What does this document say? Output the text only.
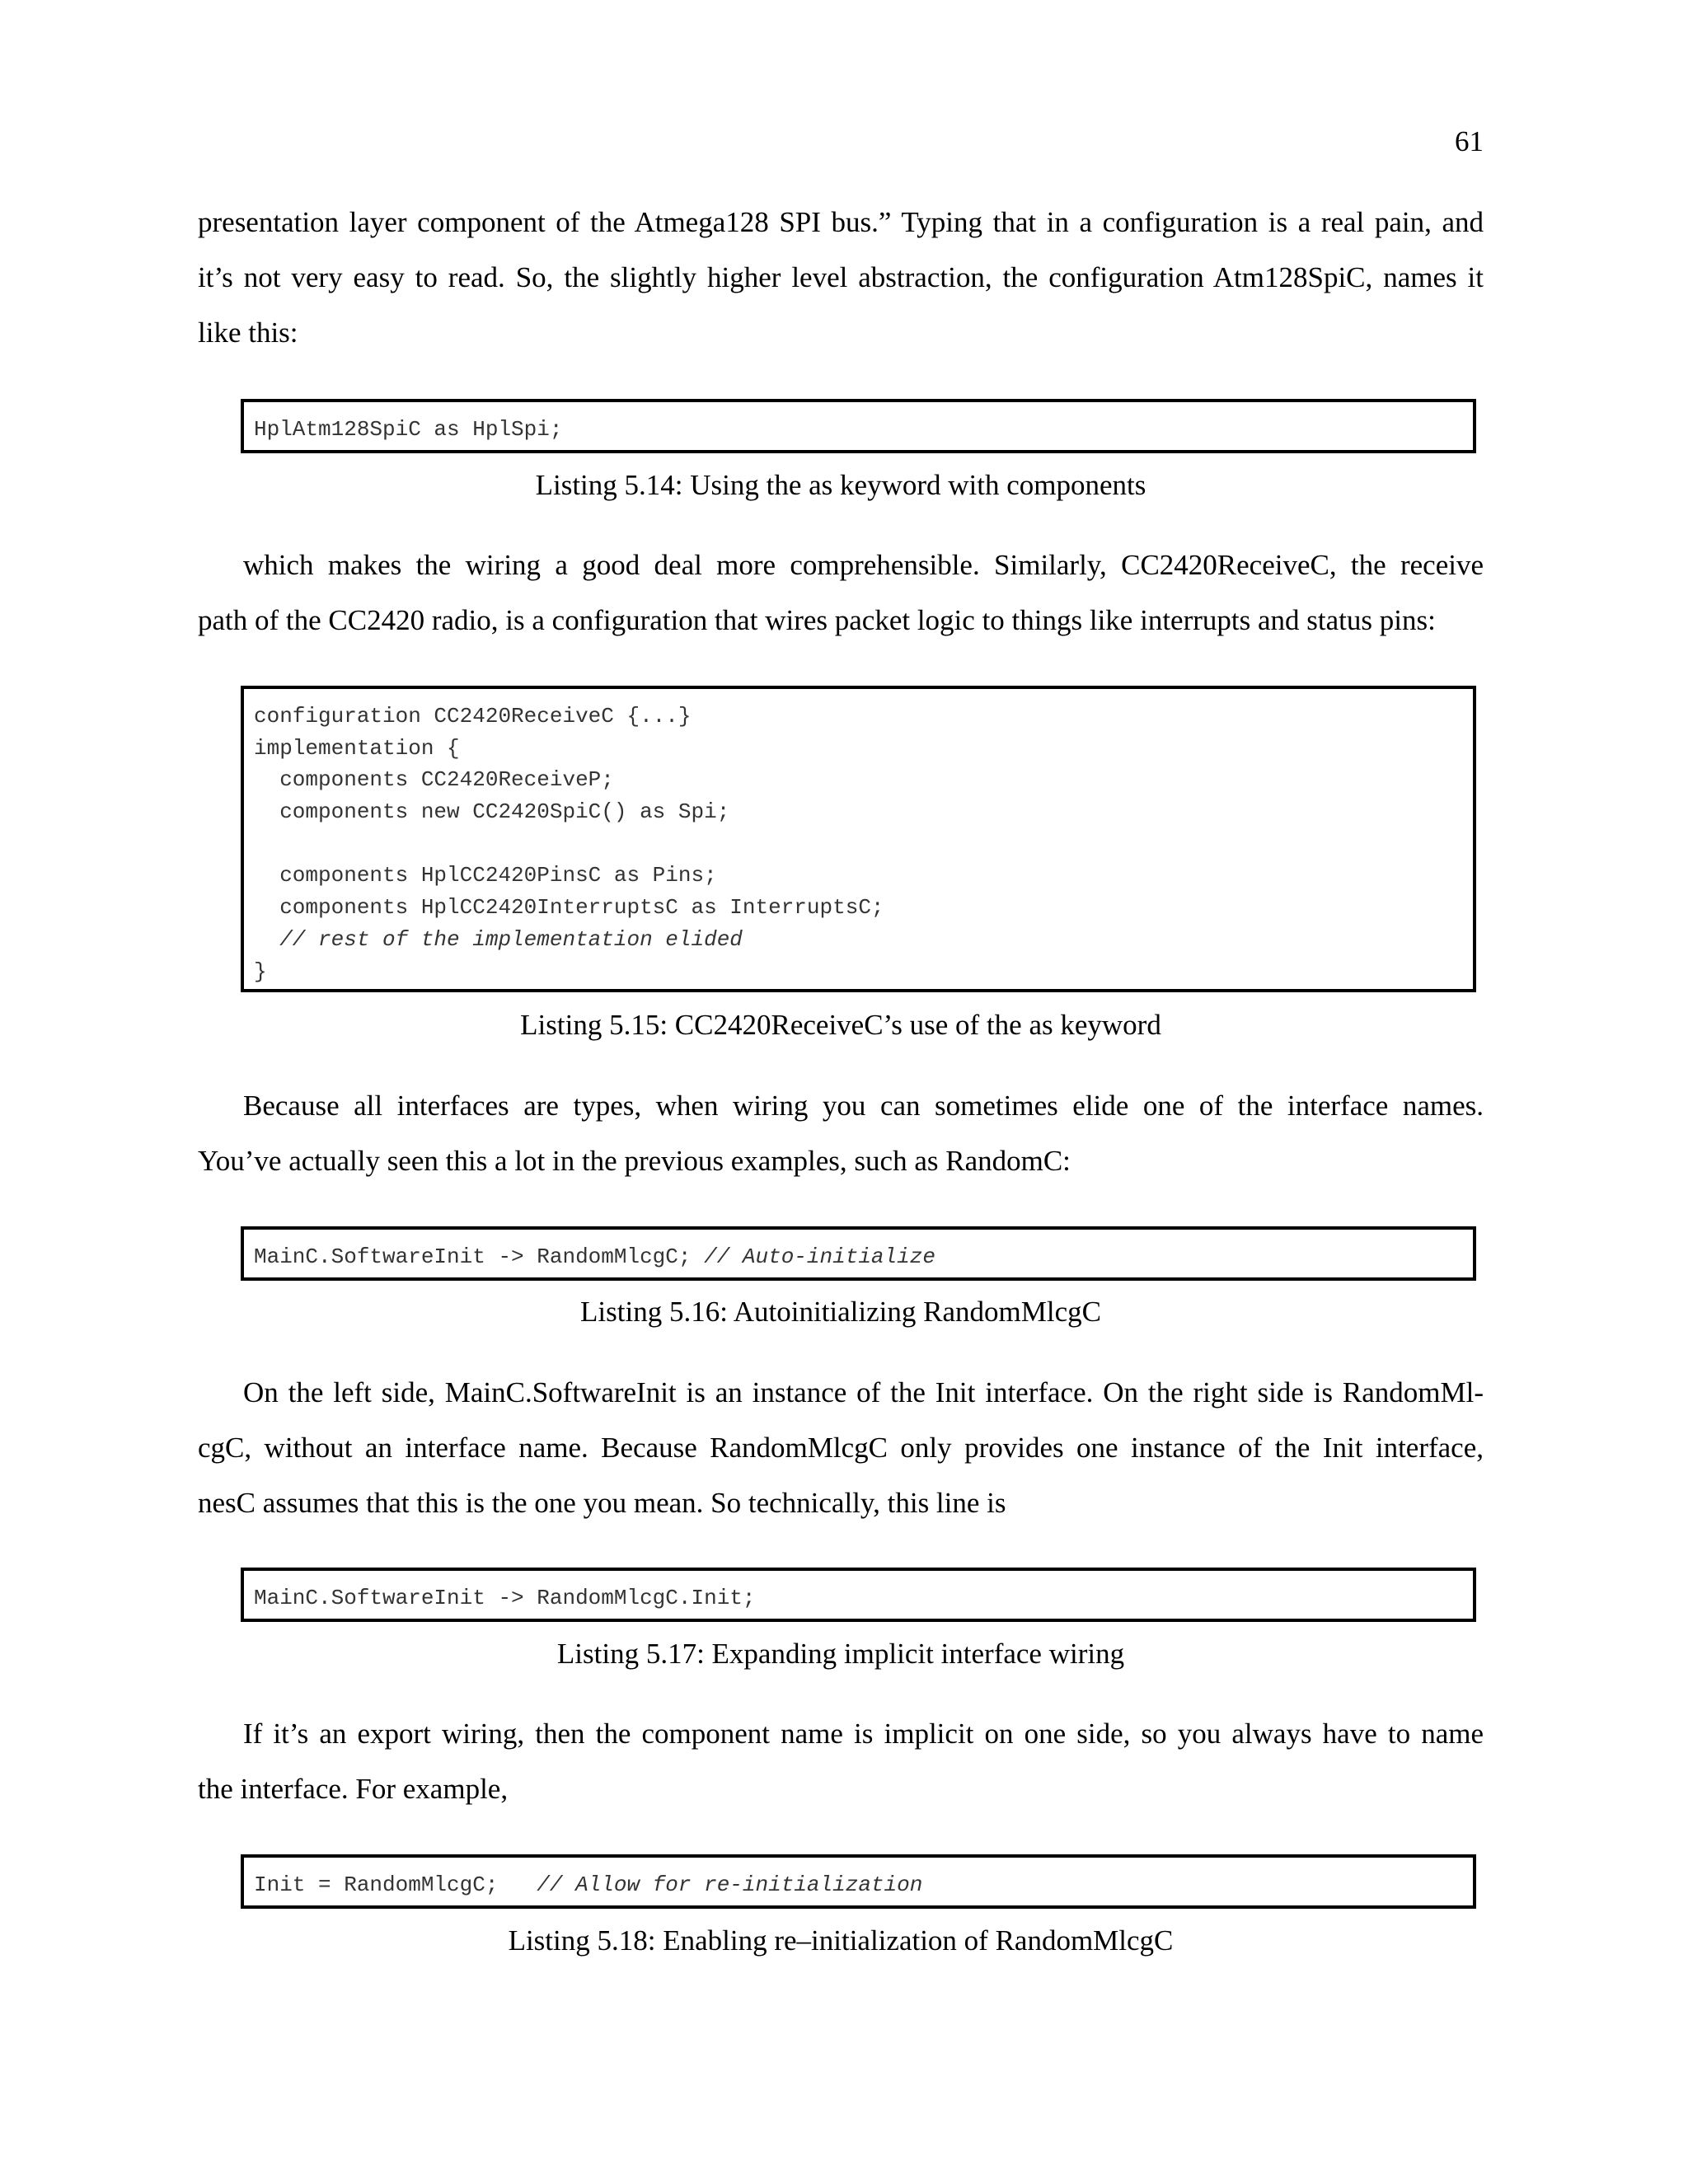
61
presentation layer component of the Atmega128 SPI bus.” Typing that in a configuration is a real pain, and
it’s not very easy to read. So, the slightly higher level abstraction, the configuration Atm128SpiC, names it
like this:
HplAtm128SpiC as HplSpi;
Listing 5.14: Using the as keyword with components
which makes the wiring a good deal more comprehensible. Similarly, CC2420ReceiveC, the receive
path of the CC2420 radio, is a configuration that wires packet logic to things like interrupts and status pins:
configuration CC2420ReceiveC {...}
implementation {
components CC2420ReceiveP;
components new CC2420SpiC() as Spi;
components HplCC2420PinsC as Pins;
components HplCC2420InterruptsC as InterruptsC;
// rest of the implementation elided
}
Listing 5.15: CC2420ReceiveC’s use of the as keyword
Because all interfaces are types, when wiring you can sometimes elide one of the interface names.
You’ve actually seen this a lot in the previous examples, such as RandomC:
MainC.SoftwareInit -> RandomMlcgC; // Auto-initialize
Listing 5.16: Autoinitializing RandomMlcgC
On the left side, MainC.SoftwareInit is an instance of the Init interface. On the right side is RandomMl-
cgC, without an interface name. Because RandomMlcgC only provides one instance of the Init interface,
nesC assumes that this is the one you mean. So technically, this line is
MainC.SoftwareInit -> RandomMlcgC.Init;
Listing 5.17: Expanding implicit interface wiring
If it’s an export wiring, then the component name is implicit on one side, so you always have to name
the interface. For example,
Init = RandomMlcgC;   // Allow for re-initialization
Listing 5.18: Enabling re–initialization of RandomMlcgC
